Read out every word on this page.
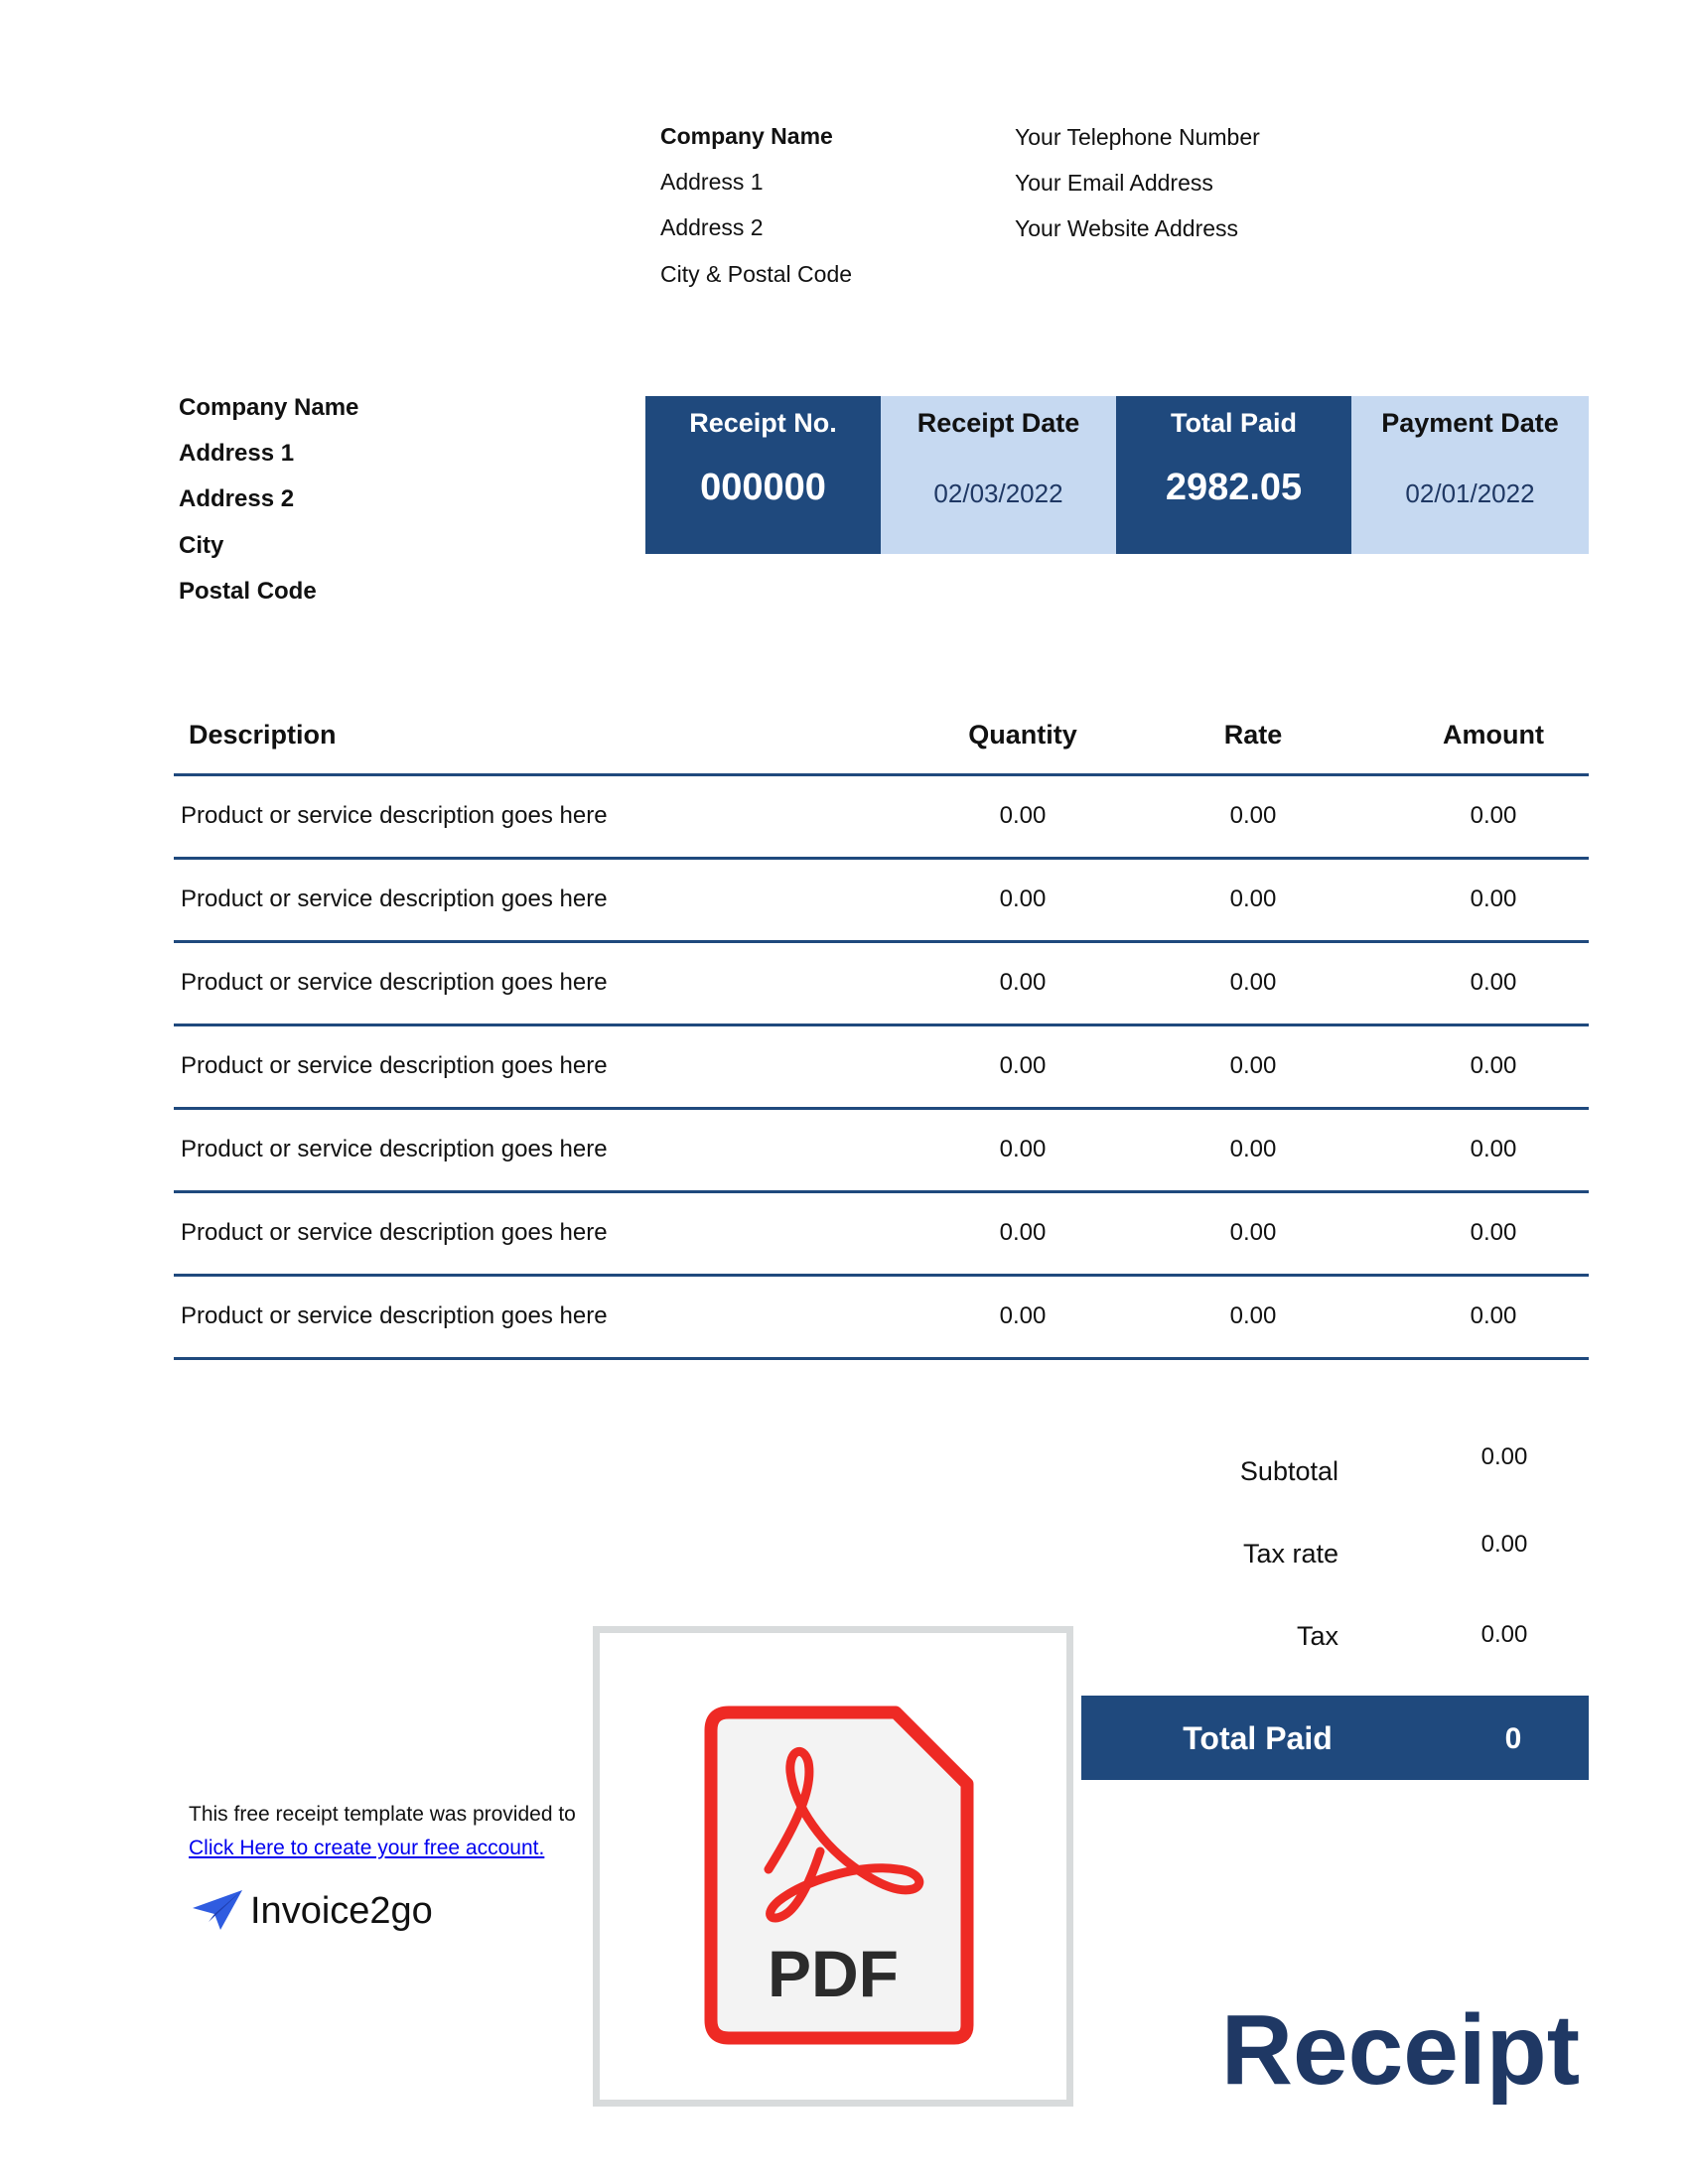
Company Name
Address 1
Address 2
City & Postal Code
Your Telephone Number
Your Email Address
Your Website Address
Company Name
Address 1
Address 2
City
Postal Code
Receipt No.
000000
Receipt Date
02/03/2022
Total Paid
2982.05
Payment Date
02/01/2022
Description	Quantity	Rate	Amount
Product or service description goes here	0.00	0.00	0.00
Product or service description goes here	0.00	0.00	0.00
Product or service description goes here	0.00	0.00	0.00
Product or service description goes here	0.00	0.00	0.00
Product or service description goes here	0.00	0.00	0.00
Product or service description goes here	0.00	0.00	0.00
Product or service description goes here	0.00	0.00	0.00
Subtotal	0.00
Tax rate	0.00
Tax	0.00
Total Paid	0
This free receipt template was provided to
Click Here to create your free account.
Invoice2go
PDF
Receipt
